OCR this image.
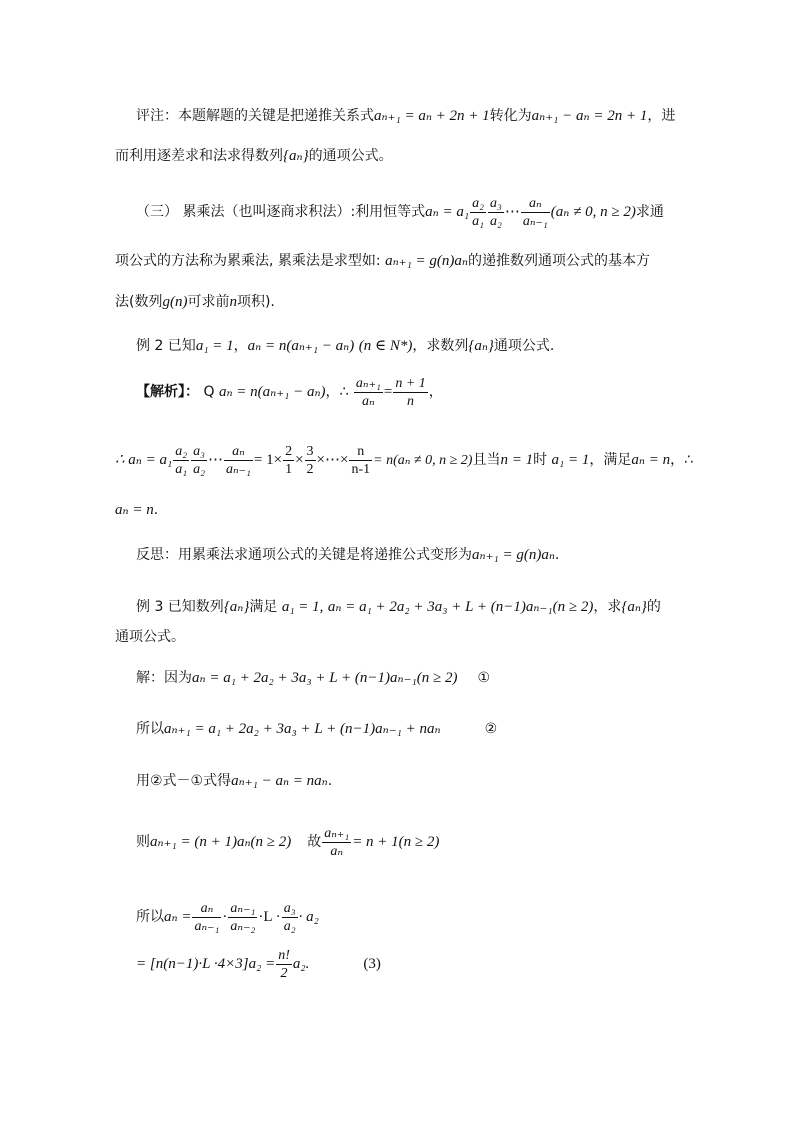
评注：本题解题的关键是把递推关系式aₙ₊₁ = aₙ + 2n + 1转化为aₙ₊₁ − aₙ = 2n + 1，进
而利用逐差求和法求得数列{aₙ}的通项公式。
（三） 累乘法（也叫逐商求积法）:利用恒等式$a_n = a_1 \frac{\text{a₂}}{\text{a₁}} \frac{\text{a₃}}{\text{a₂}}$ ⋯ $\frac{\text{aₙ}}{\text{aₙ₋₁}} (a_n \ne 0$, n ≥ 2)求通
项公式的方法称为累乘法, 累乘法是求型如: aₙ₊₁ = g(n)aₙ的递推数列通项公式的基本方
法(数列g(n)可求前n项积).
例 2 已知a₁ = 1，aₙ = n(aₙ₊₁ − aₙ) (n ∈ N*)，求数列{aₙ}通项公式.
【解析】： Q aₙ = n(aₙ₊₁ − aₙ)，∴ $\frac{\text{aₙ₊₁}}{\text{aₙ}} = \frac{n + 1}{n}$ ，
∴ $a_n = a_1 \frac{\text{a₂}}{\text{a₁}} \frac{\text{a₃}}{\text{a₂}}$ ⋯ $\frac{\text{aₙ}}{\text{aₙ₋₁}} = 1\times \frac{2}{1} \times \frac{3}{2}$ ×⋯× $\frac{n}{n-1} = n(a_n \ne 0$, n ≥ 2)且当n = 1时 a₁ = 1，满足aₙ = n，∴
aₙ = n.
反思：用累乘法求通项公式的关键是将递推公式变形为aₙ₊₁ = g(n)aₙ.
例 3 已知数列{aₙ}满足 a₁ = 1, aₙ = a₁ + 2a₂ + 3a₃ + L + (n−1)aₙ₋₁(n ≥ 2)，求{aₙ}的
通项公式。
解：因为aₙ = a₁ + 2a₂ + 3a₃ + L + (n−1)aₙ₋₁(n ≥ 2) ①
所以aₙ₊₁ = a₁ + 2a₂ + 3a₃ + L + (n−1)aₙ₋₁ + naₙ	②
用②式－①式得aₙ₊₁ − aₙ = naₙ.
则aₙ₊₁ = (n + 1)aₙ(n ≥ 2) 故 $\frac{\text{aₙ₊₁}}{\text{aₙ}} = n + 1(n \ge 2)$
所以$a_n = \frac{\text{aₙ}}{\text{aₙ₋₁}} \cdot \frac{\text{aₙ₋₁}}{\text{aₙ₋₂}} \cdot L \cdot \frac{\text{a₃}}{\text{a₂}} \cdot a_2$
= $[n(n-1)\cdot L \cdot 4\times 3]a_2 = \frac{n!}{2} a_2$.	(3)
